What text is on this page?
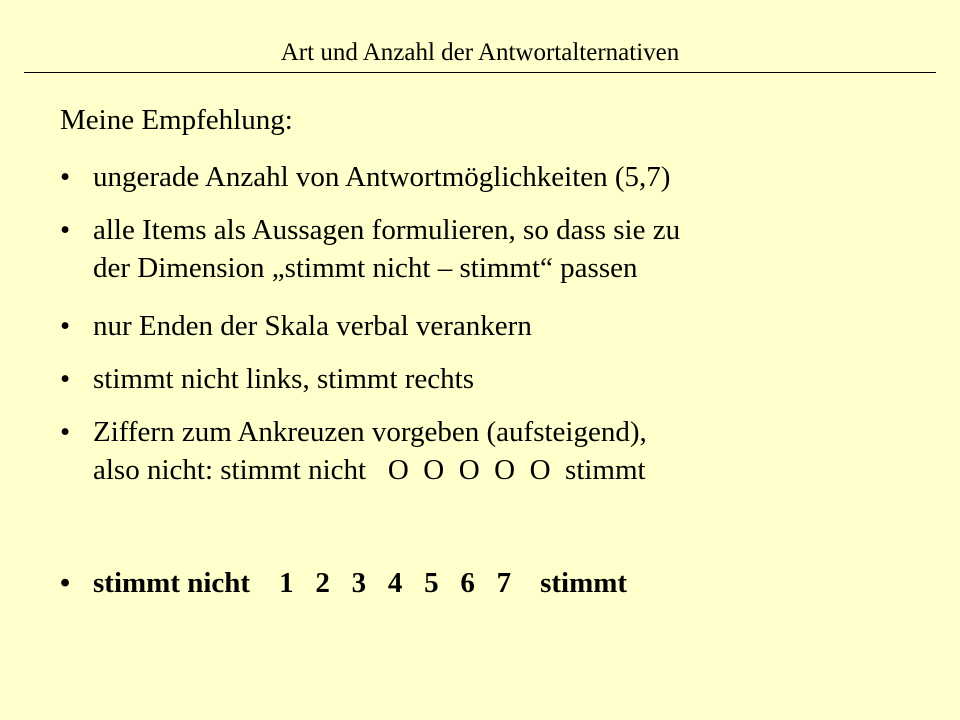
Art und Anzahl der Antwortalternativen
Meine Empfehlung:
• ungerade Anzahl von Antwortmöglichkeiten (5,7)
• alle Items als Aussagen formulieren, so dass sie zu
der Dimension „stimmt nicht – stimmt“ passen
• nur Enden der Skala verbal verankern
• stimmt nicht links, stimmt rechts
• Ziffern zum Ankreuzen vorgeben (aufsteigend),
also nicht: stimmt nicht   O  O  O  O  O  stimmt
• stimmt nicht    1   2   3   4   5   6   7    stimmt
